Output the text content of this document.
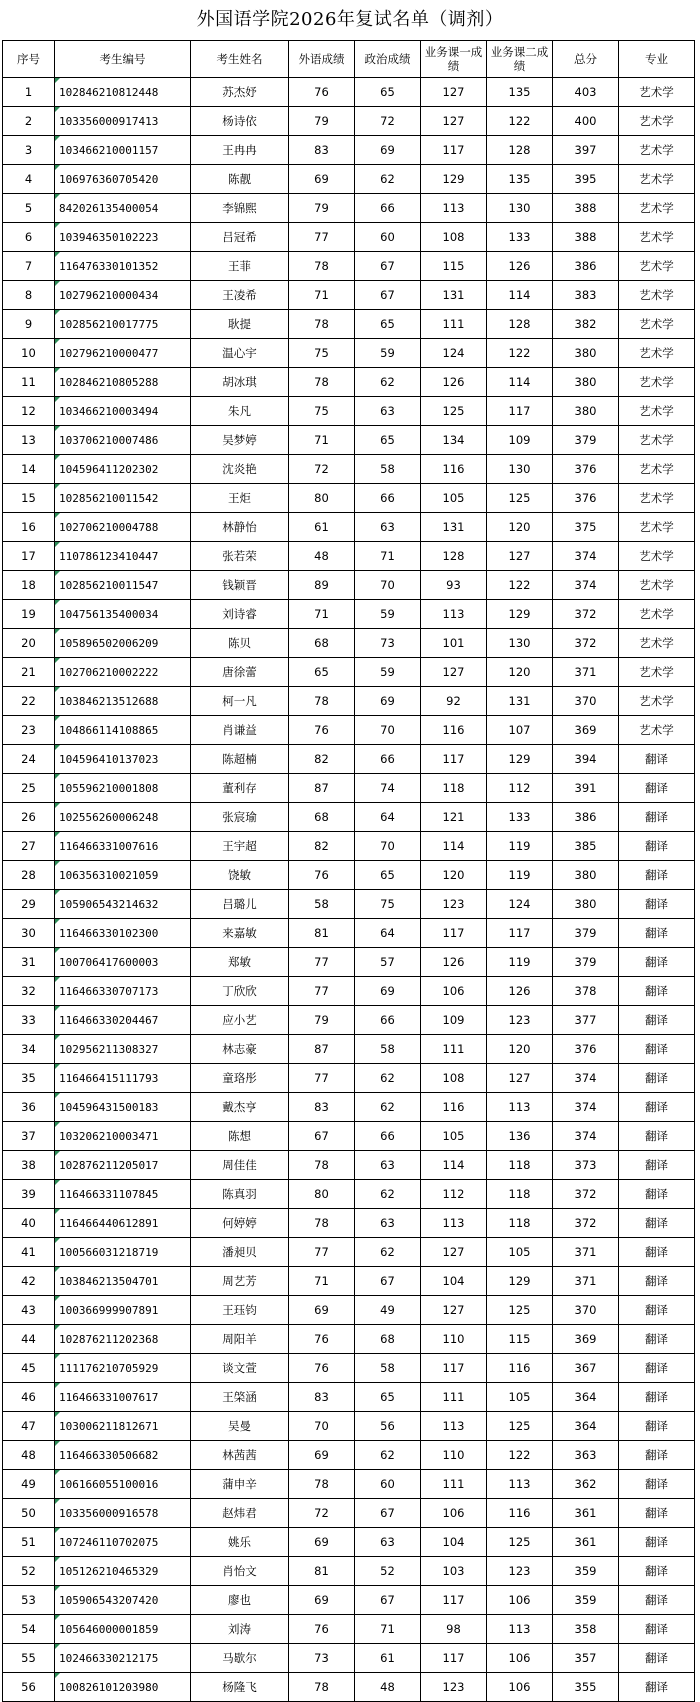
外国语学院2026年复试名单（调剂）
序号	考生编号	考生姓名	外语成绩	政治成绩	业务课一成绩	业务课二成绩	总分	专业
1	102846210812448	苏杰妤	76	65	127	135	403	艺术学
2	103356000917413	杨诗依	79	72	127	122	400	艺术学
3	103466210001157	王冉冉	83	69	117	128	397	艺术学
4	106976360705420	陈靓	69	62	129	135	395	艺术学
5	842026135400054	李锦熙	79	66	113	130	388	艺术学
6	103946350102223	吕冠希	77	60	108	133	388	艺术学
7	116476330101352	王菲	78	67	115	126	386	艺术学
8	102796210000434	王凌希	71	67	131	114	383	艺术学
9	102856210017775	耿提	78	65	111	128	382	艺术学
10	102796210000477	温心宇	75	59	124	122	380	艺术学
11	102846210805288	胡冰琪	78	62	126	114	380	艺术学
12	103466210003494	朱凡	75	63	125	117	380	艺术学
13	103706210007486	吴梦婷	71	65	134	109	379	艺术学
14	104596411202302	沈炎艳	72	58	116	130	376	艺术学
15	102856210011542	王炬	80	66	105	125	376	艺术学
16	102706210004788	林静怡	61	63	131	120	375	艺术学
17	110786123410447	张若荣	48	71	128	127	374	艺术学
18	102856210011547	钱颖晋	89	70	93	122	374	艺术学
19	104756135400034	刘诗睿	71	59	113	129	372	艺术学
20	105896502006209	陈贝	68	73	101	130	372	艺术学
21	102706210002222	唐徐蕾	65	59	127	120	371	艺术学
22	103846213512688	柯一凡	78	69	92	131	370	艺术学
23	104866114108865	肖谦益	76	70	116	107	369	艺术学
24	104596410137023	陈超楠	82	66	117	129	394	翻译
25	105596210001808	董利存	87	74	118	112	391	翻译
26	102556260006248	张宸瑜	68	64	121	133	386	翻译
27	116466331007616	王宇超	82	70	114	119	385	翻译
28	106356310021059	饶敏	76	65	120	119	380	翻译
29	105906543214632	吕璐儿	58	75	123	124	380	翻译
30	116466330102300	来嘉敏	81	64	117	117	379	翻译
31	100706417600003	郑敏	77	57	126	119	379	翻译
32	116466330707173	丁欣欣	77	69	106	126	378	翻译
33	116466330204467	应小艺	79	66	109	123	377	翻译
34	102956211308327	林志豪	87	58	111	120	376	翻译
35	116466415111793	童珞彤	77	62	108	127	374	翻译
36	104596431500183	戴杰亨	83	62	116	113	374	翻译
37	103206210003471	陈想	67	66	105	136	374	翻译
38	102876211205017	周佳佳	78	63	114	118	373	翻译
39	116466331107845	陈真羽	80	62	112	118	372	翻译
40	116466440612891	何婷婷	78	63	113	118	372	翻译
41	100566031218719	潘昶贝	77	62	127	105	371	翻译
42	103846213504701	周艺芳	71	67	104	129	371	翻译
43	100366999907891	王珏钧	69	49	127	125	370	翻译
44	102876211202368	周阳羊	76	68	110	115	369	翻译
45	111176210705929	谈文萱	76	58	117	116	367	翻译
46	116466331007617	王棨涵	83	65	111	105	364	翻译
47	103006211812671	吴曼	70	56	113	125	364	翻译
48	116466330506682	林茜茜	69	62	110	122	363	翻译
49	106166055100016	蒲申辛	78	60	111	113	362	翻译
50	103356000916578	赵炜君	72	67	106	116	361	翻译
51	107246110702075	姚乐	69	63	104	125	361	翻译
52	105126210465329	肖怡文	81	52	103	123	359	翻译
53	105906543207420	廖也	69	67	117	106	359	翻译
54	105646000001859	刘涛	76	71	98	113	358	翻译
55	102466330212175	马歇尔	73	61	117	106	357	翻译
56	100826101203980	杨隆飞	78	48	123	106	355	翻译
